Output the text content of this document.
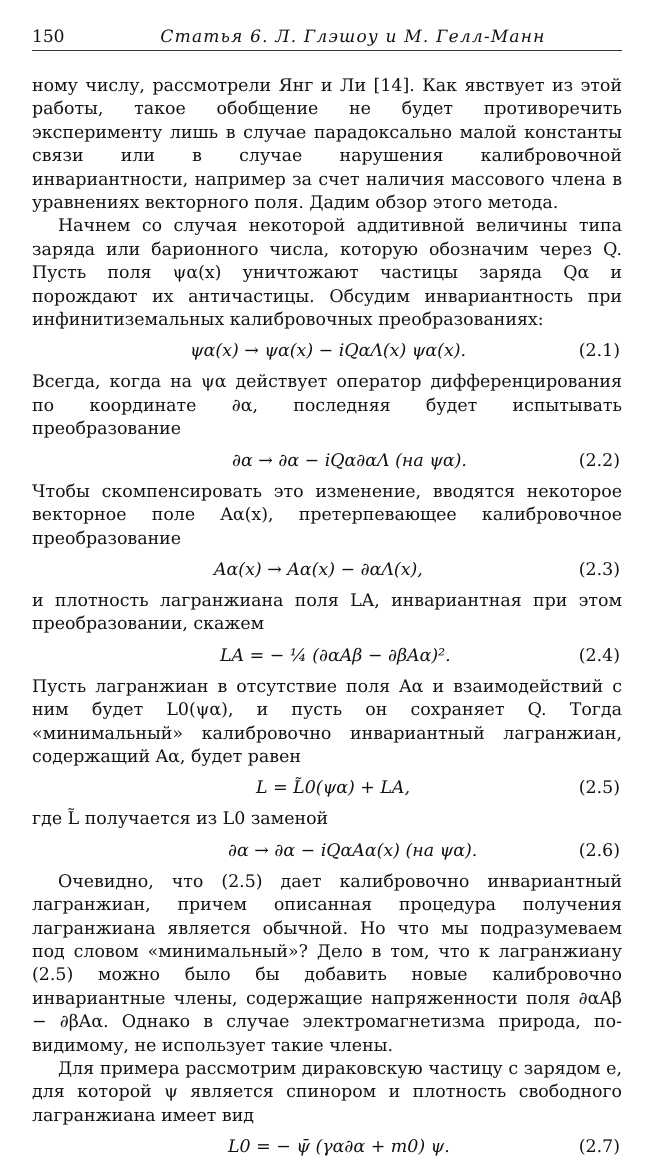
150	Статья 6. Л. Глэшоу и М. Гелл-Манн

ному числу, рассмотрели Янг и Ли [14]. Как явствует из этой работы, такое обобщение не будет противоречить эксперименту лишь в случае парадоксально малой константы связи или в случае нарушения калибровочной инвариантности, например за счет наличия массового члена в уравнениях векторного поля. Дадим обзор этого метода.

Начнем со случая некоторой аддитивной величины типа заряда или барионного числа, которую обозначим через Q. Пусть поля ψα(x) уничтожают частицы заряда Qα и порождают их античастицы. Обсудим инвариантность при инфинитиземальных калибровочных преобразованиях:

ψα(x) → ψα(x) − iQαΛ(x) ψα(x).	(2.1)

Всегда, когда на ψα действует оператор дифференцирования по координате ∂α, последняя будет испытывать преобразование

∂α → ∂α − iQα∂αΛ (на ψα).	(2.2)

Чтобы скомпенсировать это изменение, вводятся некоторое векторное поле Aα(x), претерпевающее калибровочное преобразование

Aα(x) → Aα(x) − ∂αΛ(x),	(2.3)

и плотность лагранжиана поля LA, инвариантная при этом преобразовании, скажем

LA = − ¼ (∂αAβ − ∂βAα)².	(2.4)

Пусть лагранжиан в отсутствие поля Aα и взаимодействий с ним будет L0(ψα), и пусть он сохраняет Q. Тогда «минимальный» калибровочно инвариантный лагранжиан, содержащий Aα, будет равен

L = L̃0(ψα) + LA,	(2.5)

где L̃ получается из L0 заменой

∂α → ∂α − iQαAα(x) (на ψα).	(2.6)

Очевидно, что (2.5) дает калибровочно инвариантный лагранжиан, причем описанная процедура получения лагранжиана является обычной. Но что мы подразумеваем под словом «минимальный»? Дело в том, что к лагранжиану (2.5) можно было бы добавить новые калибровочно инвариантные члены, содержащие напряженности поля ∂αAβ − ∂βAα. Однако в случае электромагнетизма природа, по-видимому, не использует такие члены.

Для примера рассмотрим дираковскую частицу с зарядом e, для которой ψ является спинором и плотность свободного лагранжиана имеет вид

L0 = − ψ̄ (γα∂α + m0) ψ.	(2.7)
